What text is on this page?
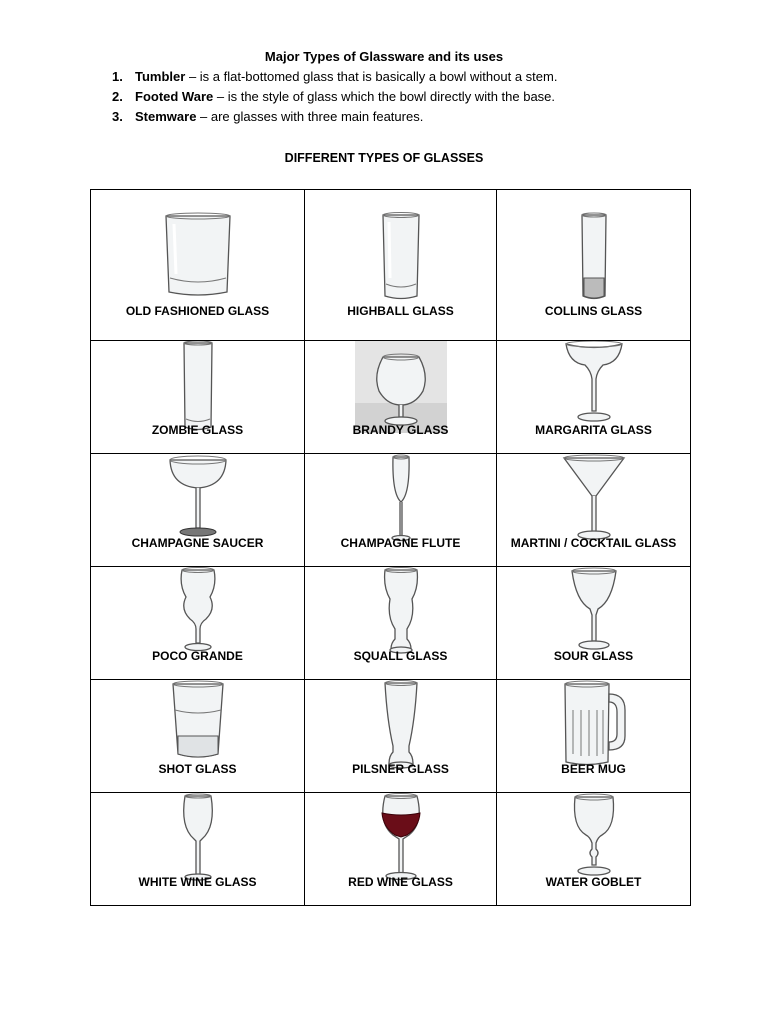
Major Types of Glassware and its uses
1. Tumbler – is a flat-bottomed glass that is basically a bowl without a stem.
2. Footed Ware – is the style of glass which the bowl directly with the base.
3. Stemware – are glasses with three main features.
DIFFERENT TYPES OF GLASSES
OLD FASHIONED GLASS	HIGHBALL GLASS	COLLINS GLASS

ZOMBIE GLASS	BRANDY GLASS	MARGARITA GLASS

CHAMPAGNE SAUCER	CHAMPAGNE FLUTE	MARTINI / COCKTAIL GLASS

POCO GRANDE	SQUALL GLASS	SOUR GLASS

SHOT GLASS	PILSNER GLASS	BEER MUG

WHITE WINE GLASS	RED WINE GLASS	WATER GOBLET
